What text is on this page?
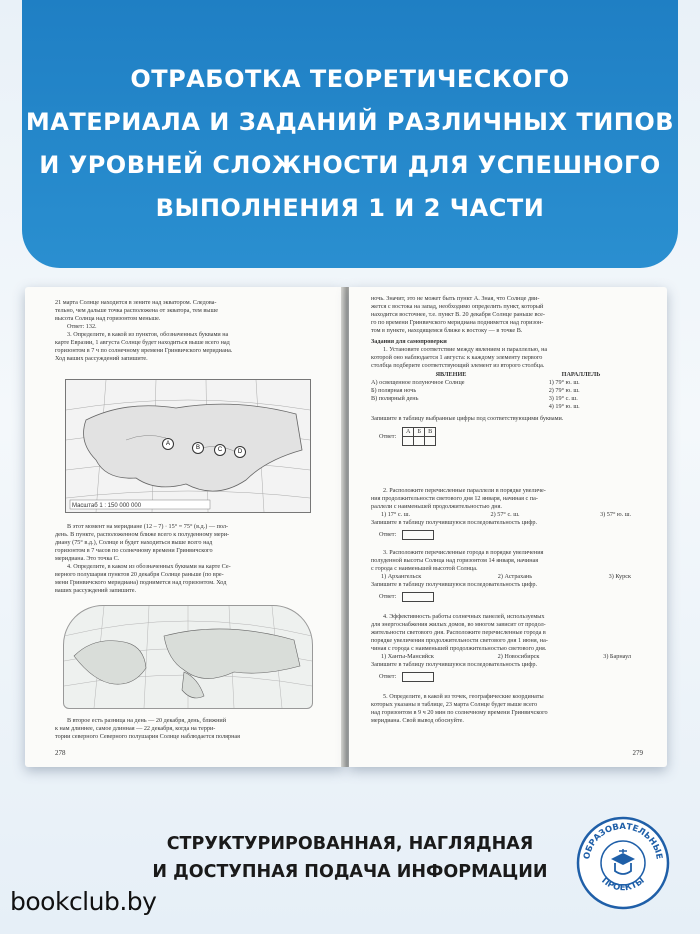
ОТРАБОТКА ТЕОРЕТИЧЕСКОГО
МАТЕРИАЛА И ЗАДАНИЙ РАЗЛИЧНЫХ ТИПОВ
И УРОВНЕЙ СЛОЖНОСТИ ДЛЯ УСПЕШНОГО
ВЫПОЛНЕНИЯ 1 И 2 ЧАСТИ
21 марта Солнце находится в зените над экватором. Следова-
тельно, чем дальше точка расположена от экватора, тем выше
высота Солнца над горизонтом меньше.
Ответ: 132.
3. Определите, в какой из пунктов, обозначенных буквами на
карте Евразии, 1 августа Солнце будет находиться выше всего над
горизонтом в 7 ч по солнечному времени Гринвичского меридиана.
Ход ваших рассуждений запишите.
Масштаб 1 : 150 000 000
A
B	C	D
В этот момент на меридиане (12 – 7) · 15° = 75° (в.д.) — пол-
день. В пункте, расположенном ближе всего к полуденному мери-
диану (75° в.д.), Солнце и будет находиться выше всего над
горизонтом в 7 часов по солнечному времени Гринвичского
меридиана. Это точка С.
4. Определите, в каком из обозначенных буквами на карте Се-
верного полушария пунктов 20 декабря Солнце раньше (по вре-
мени Гринвичского меридиана) поднимется над горизонтом. Ход
ваших рассуждений запишите.
В второе есть разница на день — 20 декабря, день, ближний
к нам длиннее, самое длинная — 22 декабря, когда на терри-
тории северного Северного полушария Солнце наблюдается полярная
278
ночь. Значит, это не может быть пункт А. Зная, что Солнце дви-
жется с востока на запад, необходимо определить пункт, который
находится восточнее, т.е. пункт В. 20 декабря Солнце раньше все-
го по времени Гринвичского меридиана поднимется над горизон-
том в пункте, находящемся ближе к востоку — в точке В.
Задания для самопроверки
1. Установите соответствие между явлением и параллелью, на
которой оно наблюдается 1 августа: к каждому элементу первого
столбца подберите соответствующий элемент из второго столбца.
ЯВЛЕНИЕ	ПАРАЛЛЕЛЬ
А) освещенное полуночное Солнце	1) 79° ю. ш.
Б) полярная ночь	2) 79° ю. ш.
В) полярный день	3) 19° с. ш.
4) 19° ю. ш.
Запишите в таблицу выбранные цифры под соответствующими буквами.
Ответ:
А	Б	В
2. Расположите перечисленные параллели в порядке увеличе-
ния продолжительности светового дня 12 января, начиная с па-
раллели с наименьшей продолжительностью дня.
1) 17° с. ш.	2) 57° с. ш.	3) 57° ю. ш.
Запишите в таблицу получившуюся последовательность цифр.
Ответ:
3. Расположите перечисленные города в порядке увеличения
полуденной высоты Солнца над горизонтом 14 января, начиная
с города с наименьшей высотой Солнца.
1) Архангельск	2) Астрахань	3) Курск
Запишите в таблицу получившуюся последовательность цифр.
Ответ:
4. Эффективность работы солнечных панелей, используемых
для энергоснабжения жилых домов, во многом зависит от продол-
жительности светового дня. Расположите перечисленные города в
порядке увеличения продолжительности светового дня 1 июня, на-
чиная с города с наименьшей продолжительностью светового дня.
1) Ханты-Мансийск	2) Новосибирск	3) Барнаул
Запишите в таблицу получившуюся последовательность цифр.
Ответ:
5. Определите, в какой из точек, географические координаты
которых указаны в таблице, 23 марта Солнце будет выше всего
над горизонтом в 9 ч 20 мин по солнечному времени Гринвичского
меридиана. Свой вывод обоснуйте.
279
СТРУКТУРИРОВАННАЯ, НАГЛЯДНАЯ
И ДОСТУПНАЯ ПОДАЧА ИНФОРМАЦИИ
bookclub.by
ОБРАЗОВАТЕЛЬНЫЕ
ПРОЕКТЫ
